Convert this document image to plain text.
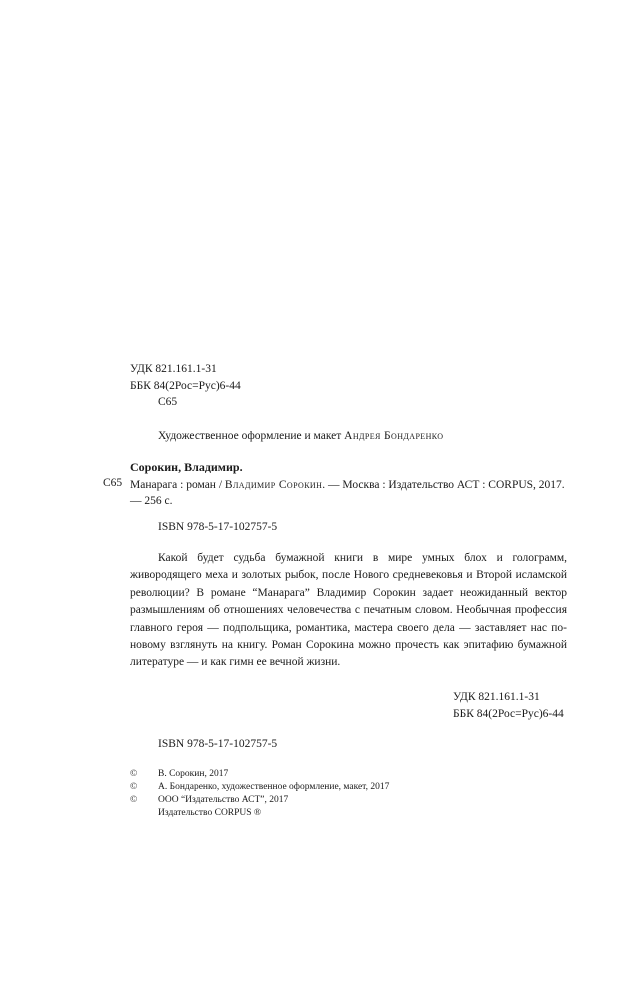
УДК 821.161.1-31
ББК 84(2Рос=Рус)6-44
С65
Художественное оформление и макет Андрея Бондаренко
Сорокин, Владимир.
С65 Манарага : роман / Владимир Сорокин. — Москва : Издательство АСТ : CORPUS, 2017. — 256 с.
ISBN 978-5-17-102757-5
Какой будет судьба бумажной книги в мире умных блох и голограмм, живородящего меха и золотых рыбок, после Нового средневековья и Второй исламской революции? В романе “Манарага” Владимир Сорокин задает неожиданный вектор размышлениям об отношениях человечества с печатным словом. Необычная профессия главного героя — подпольщика, романтика, мастера своего дела — заставляет нас по-новому взглянуть на книгу. Роман Сорокина можно прочесть как эпитафию бумажной литературе — и как гимн ее вечной жизни.
УДК 821.161.1-31
ББК 84(2Рос=Рус)6-44
ISBN 978-5-17-102757-5
©	В. Сорокин, 2017
©	А. Бондаренко, художественное оформление, макет, 2017
©	ООО “Издательство АСТ”, 2017
Издательство CORPUS ®
